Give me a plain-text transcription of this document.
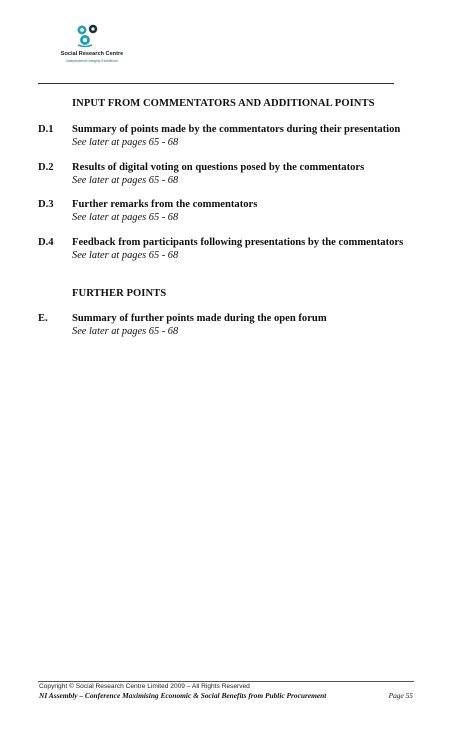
Social Research Centre
Independence Integrity Excellence
INPUT FROM COMMENTATORS AND ADDITIONAL POINTS
D.1 Summary of points made by the commentators during their presentation
See later at pages 65 - 68
D.2 Results of digital voting on questions posed by the commentators
See later at pages 65 - 68
D.3 Further remarks from the commentators
See later at pages 65 - 68
D.4 Feedback from participants following presentations by the commentators
See later at pages 65 - 68
FURTHER POINTS
E. Summary of further points made during the open forum
See later at pages 65 - 68
Copyright © Social Research Centre Limited 2009 – All Rights Reserved
NI Assembly – Conference Maximising Economic & Social Benefits from Public Procurement	Page 55
